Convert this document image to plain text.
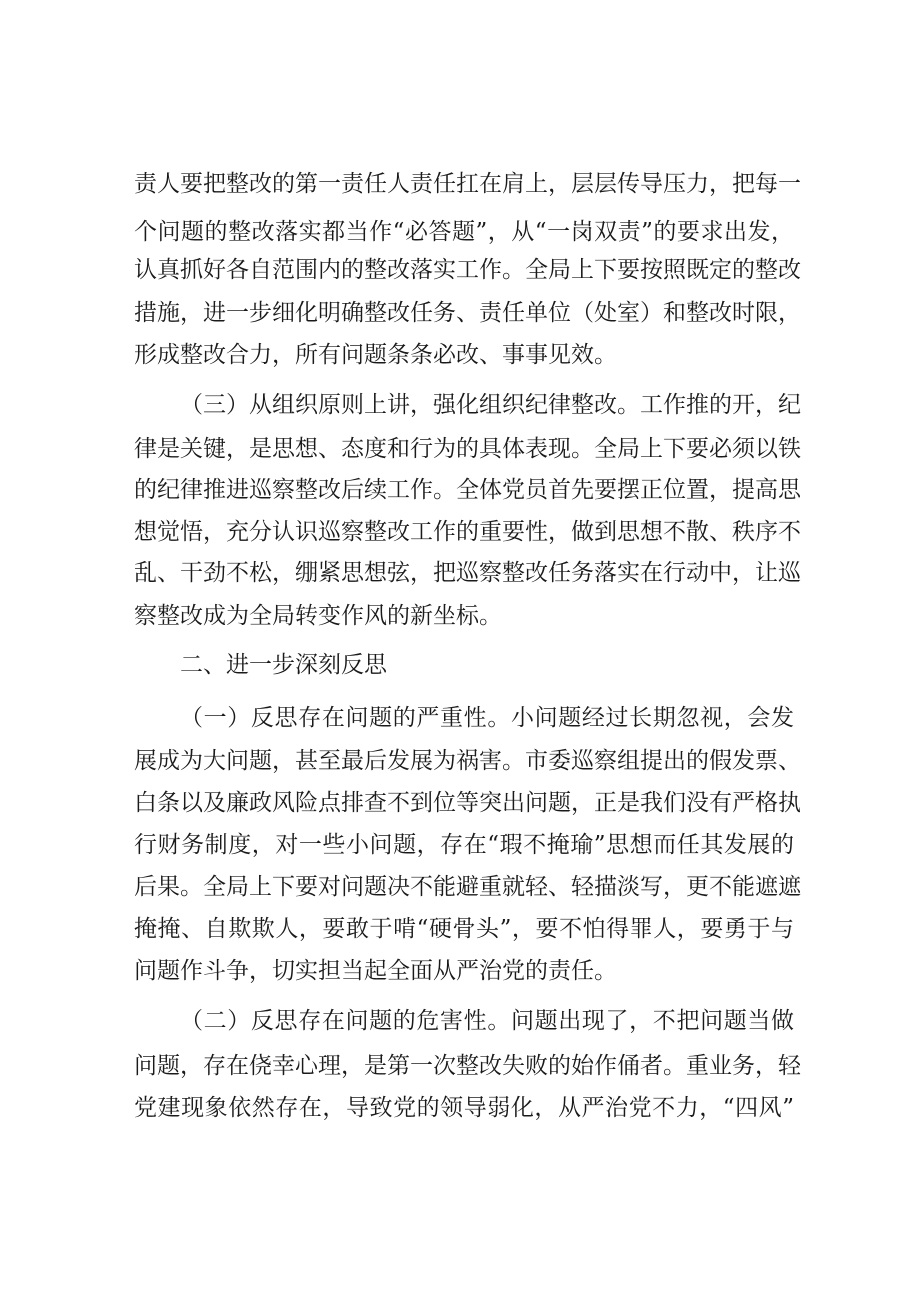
责人要把整改的第一责任人责任扛在肩上，层层传导压力，把每一

个问题的整改落实都当作“必答题”，从“一岗双责”的要求出发，

认真抓好各自范围内的整改落实工作。全局上下要按照既定的整改

措施，进一步细化明确整改任务、责任单位（处室）和整改时限，

形成整改合力，所有问题条条必改、事事见效。

（三）从组织原则上讲，强化组织纪律整改。工作推的开，纪

律是关键，是思想、态度和行为的具体表现。全局上下要必须以铁

的纪律推进巡察整改后续工作。全体党员首先要摆正位置，提高思

想觉悟，充分认识巡察整改工作的重要性，做到思想不散、秩序不

乱、干劲不松，绷紧思想弦，把巡察整改任务落实在行动中，让巡

察整改成为全局转变作风的新坐标。

二、进一步深刻反思

（一）反思存在问题的严重性。小问题经过长期忽视，会发

展成为大问题，甚至最后发展为祸害。市委巡察组提出的假发票、

白条以及廉政风险点排查不到位等突出问题，正是我们没有严格执

行财务制度，对一些小问题，存在“瑕不掩瑜”思想而任其发展的

后果。全局上下要对问题决不能避重就轻、轻描淡写，更不能遮遮

掩掩、自欺欺人，要敢于啃“硬骨头”，要不怕得罪人，要勇于与

问题作斗争，切实担当起全面从严治党的责任。

（二）反思存在问题的危害性。问题出现了，不把问题当做

问题，存在侥幸心理，是第一次整改失败的始作俑者。重业务，轻

党建现象依然存在，导致党的领导弱化，从严治党不力，“四风”
